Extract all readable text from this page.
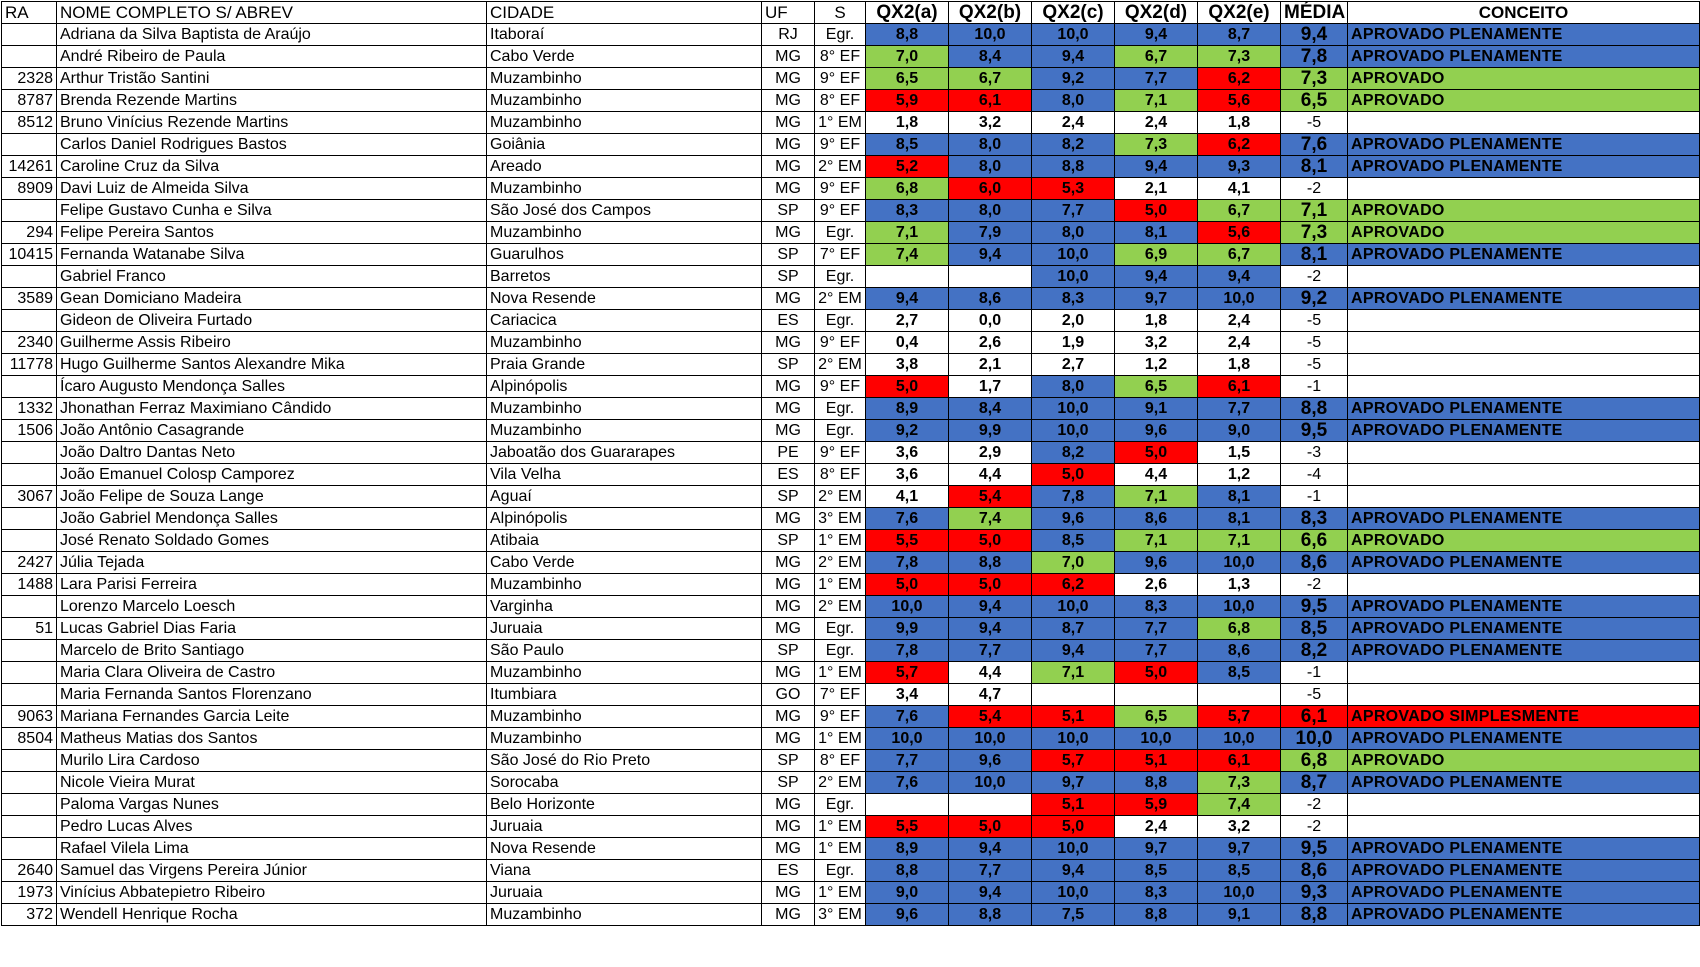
RA	NOME COMPLETO S/ ABREV	CIDADE	UF	S	QX2(a)	QX2(b)	QX2(c)	QX2(d)	QX2(e)	MÉDIA	CONCEITO
	Adriana da Silva Baptista de Araújo	Itaboraí	RJ	Egr.	8,8	10,0	10,0	9,4	8,7	9,4	APROVADO PLENAMENTE
	André Ribeiro de Paula	Cabo Verde	MG	8° EF	7,0	8,4	9,4	6,7	7,3	7,8	APROVADO PLENAMENTE
2328	Arthur Tristão Santini	Muzambinho	MG	9° EF	6,5	6,7	9,2	7,7	6,2	7,3	APROVADO
8787	Brenda Rezende Martins	Muzambinho	MG	8° EF	5,9	6,1	8,0	7,1	5,6	6,5	APROVADO
8512	Bruno Vinícius Rezende Martins	Muzambinho	MG	1° EM	1,8	3,2	2,4	2,4	1,8	-5	
	Carlos Daniel Rodrigues Bastos	Goiânia	MG	9° EF	8,5	8,0	8,2	7,3	6,2	7,6	APROVADO PLENAMENTE
14261	Caroline Cruz da Silva	Areado	MG	2° EM	5,2	8,0	8,8	9,4	9,3	8,1	APROVADO PLENAMENTE
8909	Davi Luiz de Almeida Silva	Muzambinho	MG	9° EF	6,8	6,0	5,3	2,1	4,1	-2	
	Felipe Gustavo Cunha e Silva	São José dos Campos	SP	9° EF	8,3	8,0	7,7	5,0	6,7	7,1	APROVADO
294	Felipe Pereira Santos	Muzambinho	MG	Egr.	7,1	7,9	8,0	8,1	5,6	7,3	APROVADO
10415	Fernanda Watanabe Silva	Guarulhos	SP	7° EF	7,4	9,4	10,0	6,9	6,7	8,1	APROVADO PLENAMENTE
	Gabriel Franco	Barretos	SP	Egr.			10,0	9,4	9,4	-2	
3589	Gean Domiciano Madeira	Nova Resende	MG	2° EM	9,4	8,6	8,3	9,7	10,0	9,2	APROVADO PLENAMENTE
	Gideon de Oliveira Furtado	Cariacica	ES	Egr.	2,7	0,0	2,0	1,8	2,4	-5	
2340	Guilherme Assis Ribeiro	Muzambinho	MG	9° EF	0,4	2,6	1,9	3,2	2,4	-5	
11778	Hugo Guilherme Santos Alexandre Mika	Praia Grande	SP	2° EM	3,8	2,1	2,7	1,2	1,8	-5	
	Ícaro Augusto Mendonça Salles	Alpinópolis	MG	9° EF	5,0	1,7	8,0	6,5	6,1	-1	
1332	Jhonathan Ferraz Maximiano Cândido	Muzambinho	MG	Egr.	8,9	8,4	10,0	9,1	7,7	8,8	APROVADO PLENAMENTE
1506	João Antônio Casagrande	Muzambinho	MG	Egr.	9,2	9,9	10,0	9,6	9,0	9,5	APROVADO PLENAMENTE
	João Daltro Dantas Neto	Jaboatão dos Guararapes	PE	9° EF	3,6	2,9	8,2	5,0	1,5	-3	
	João Emanuel Colosp Camporez	Vila Velha	ES	8° EF	3,6	4,4	5,0	4,4	1,2	-4	
3067	João Felipe de Souza Lange	Aguaí	SP	2° EM	4,1	5,4	7,8	7,1	8,1	-1	
	João Gabriel Mendonça Salles	Alpinópolis	MG	3° EM	7,6	7,4	9,6	8,6	8,1	8,3	APROVADO PLENAMENTE
	José Renato Soldado Gomes	Atibaia	SP	1° EM	5,5	5,0	8,5	7,1	7,1	6,6	APROVADO
2427	Júlia Tejada	Cabo Verde	MG	2° EM	7,8	8,8	7,0	9,6	10,0	8,6	APROVADO PLENAMENTE
1488	Lara Parisi Ferreira	Muzambinho	MG	1° EM	5,0	5,0	6,2	2,6	1,3	-2	
	Lorenzo Marcelo Loesch	Varginha	MG	2° EM	10,0	9,4	10,0	8,3	10,0	9,5	APROVADO PLENAMENTE
51	Lucas Gabriel Dias Faria	Juruaia	MG	Egr.	9,9	9,4	8,7	7,7	6,8	8,5	APROVADO PLENAMENTE
	Marcelo de Brito Santiago	São Paulo	SP	Egr.	7,8	7,7	9,4	7,7	8,6	8,2	APROVADO PLENAMENTE
	Maria Clara Oliveira de Castro	Muzambinho	MG	1° EM	5,7	4,4	7,1	5,0	8,5	-1	
	Maria Fernanda Santos Florenzano	Itumbiara	GO	7° EF	3,4	4,7				-5	
9063	Mariana Fernandes Garcia Leite	Muzambinho	MG	9° EF	7,6	5,4	5,1	6,5	5,7	6,1	APROVADO SIMPLESMENTE
8504	Matheus Matias dos Santos	Muzambinho	MG	1° EM	10,0	10,0	10,0	10,0	10,0	10,0	APROVADO PLENAMENTE
	Murilo Lira Cardoso	São José do Rio Preto	SP	8° EF	7,7	9,6	5,7	5,1	6,1	6,8	APROVADO
	Nicole Vieira Murat	Sorocaba	SP	2° EM	7,6	10,0	9,7	8,8	7,3	8,7	APROVADO PLENAMENTE
	Paloma Vargas Nunes	Belo Horizonte	MG	Egr.			5,1	5,9	7,4	-2	
	Pedro Lucas Alves	Juruaia	MG	1° EM	5,5	5,0	5,0	2,4	3,2	-2	
	Rafael Vilela Lima	Nova Resende	MG	1° EM	8,9	9,4	10,0	9,7	9,7	9,5	APROVADO PLENAMENTE
2640	Samuel das Virgens Pereira Júnior	Viana	ES	Egr.	8,8	7,7	9,4	8,5	8,5	8,6	APROVADO PLENAMENTE
1973	Vinícius Abbatepietro Ribeiro	Juruaia	MG	1° EM	9,0	9,4	10,0	8,3	10,0	9,3	APROVADO PLENAMENTE
372	Wendell Henrique Rocha	Muzambinho	MG	3° EM	9,6	8,8	7,5	8,8	9,1	8,8	APROVADO PLENAMENTE
